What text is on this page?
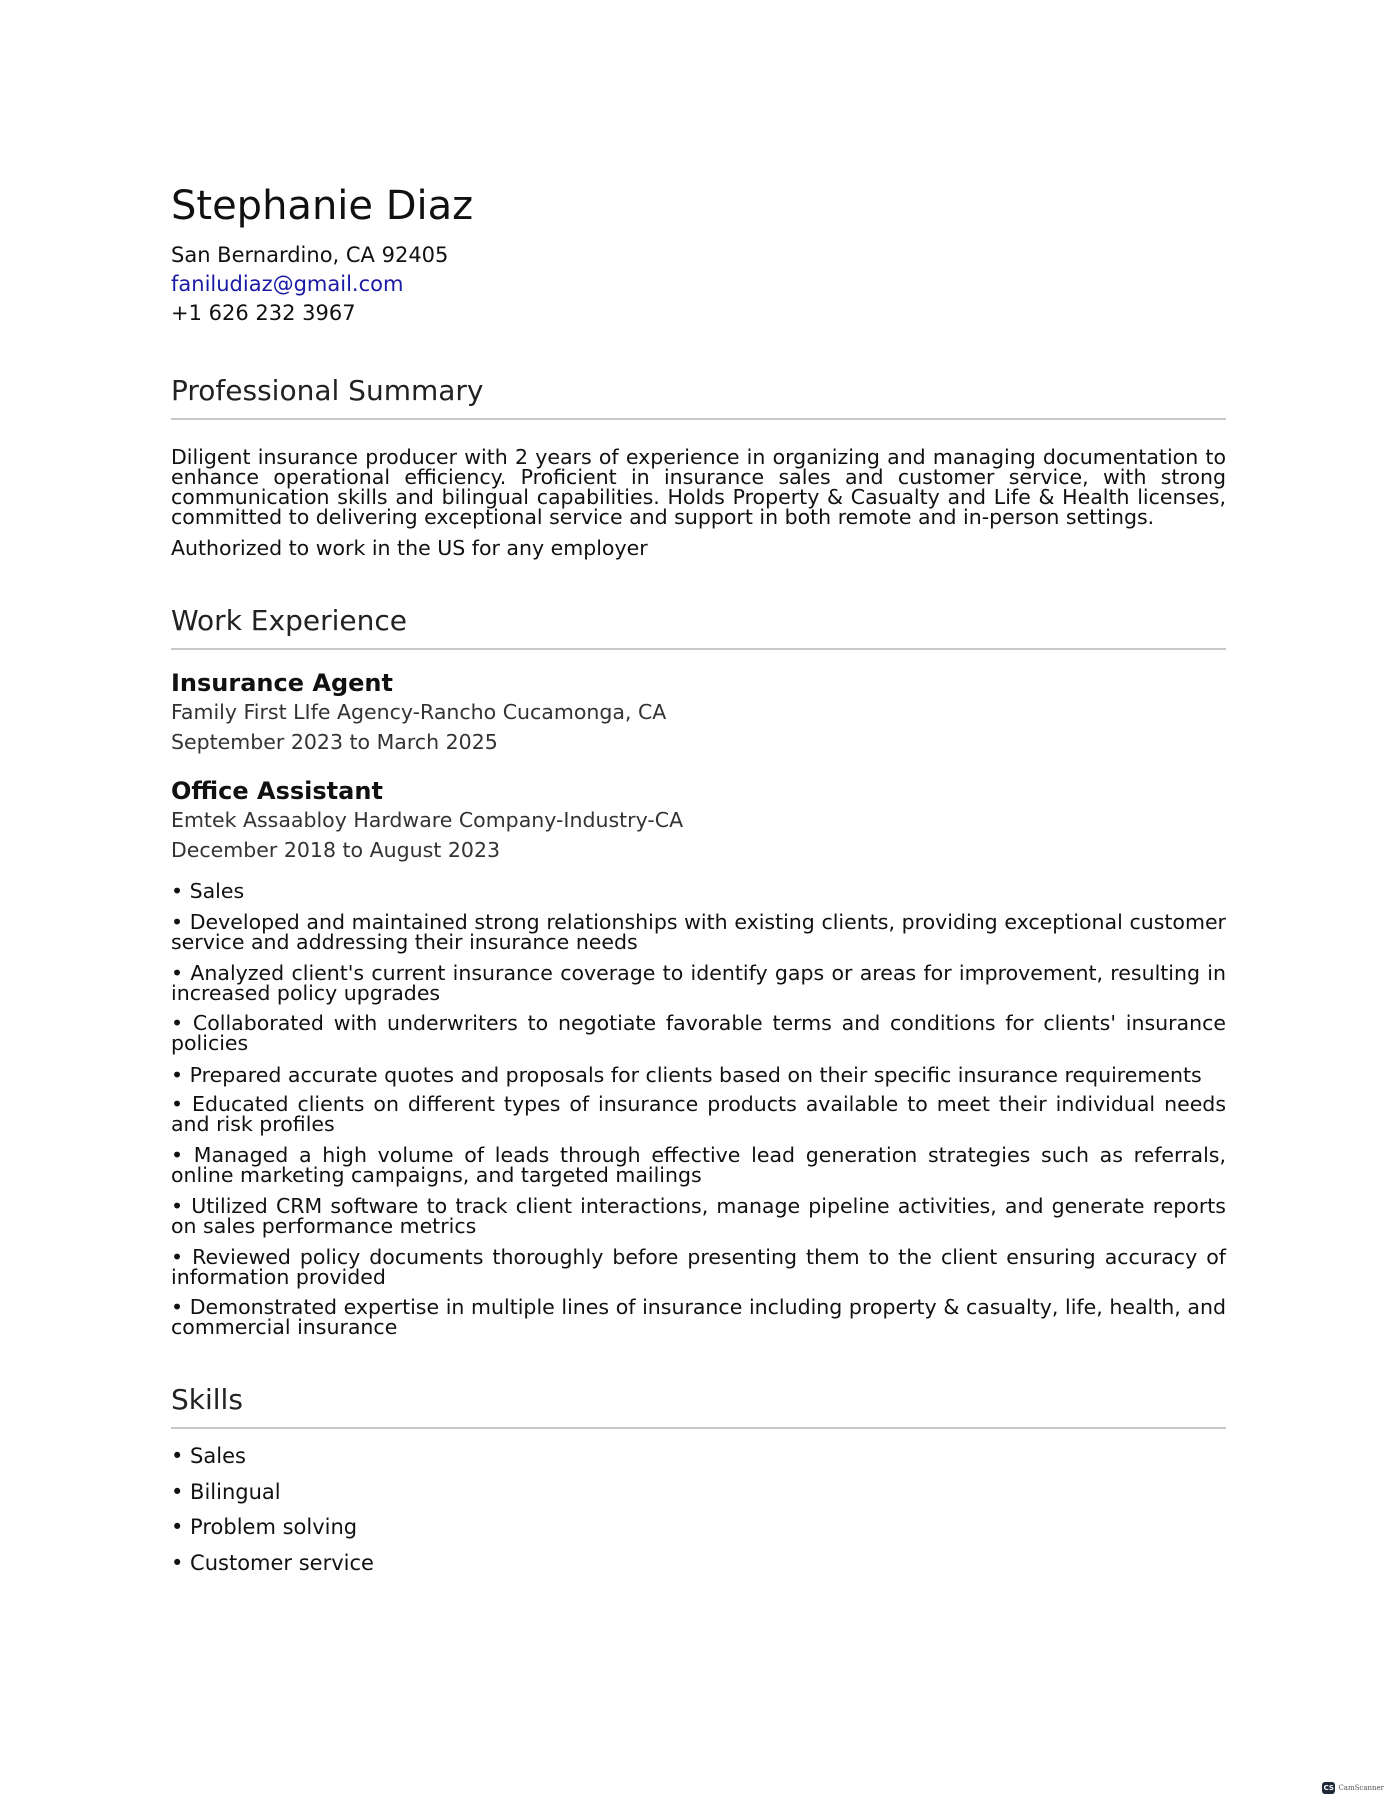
Stephanie Diaz
San Bernardino, CA 92405
faniludiaz@gmail.com
+1 626 232 3967
Professional Summary
Diligent insurance producer with 2 years of experience in organizing and managing documentation to enhance operational efficiency. Proficient in insurance sales and customer service, with strong communication skills and bilingual capabilities. Holds Property & Casualty and Life & Health licenses, committed to delivering exceptional service and support in both remote and in-person settings.
Authorized to work in the US for any employer
Work Experience
Insurance Agent
Family First LIfe Agency-Rancho Cucamonga, CA
September 2023 to March 2025
Office Assistant
Emtek Assaabloy Hardware Company-Industry-CA
December 2018 to August 2023
• Sales
• Developed and maintained strong relationships with existing clients, providing exceptional customer service and addressing their insurance needs
• Analyzed client's current insurance coverage to identify gaps or areas for improvement, resulting in increased policy upgrades
• Collaborated with underwriters to negotiate favorable terms and conditions for clients' insurance policies
• Prepared accurate quotes and proposals for clients based on their specific insurance requirements
• Educated clients on different types of insurance products available to meet their individual needs and risk profiles
• Managed a high volume of leads through effective lead generation strategies such as referrals, online marketing campaigns, and targeted mailings
• Utilized CRM software to track client interactions, manage pipeline activities, and generate reports on sales performance metrics
• Reviewed policy documents thoroughly before presenting them to the client ensuring accuracy of information provided
• Demonstrated expertise in multiple lines of insurance including property & casualty, life, health, and commercial insurance
Skills
• Sales
• Bilingual
• Problem solving
• Customer service
CS CamScanner
